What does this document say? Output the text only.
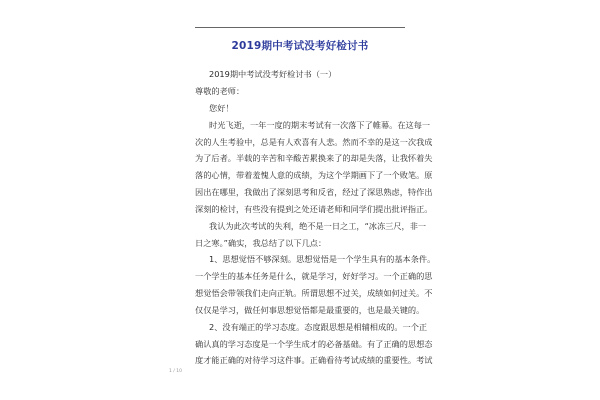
2019期中考试没考好检讨书
2019期中考试没考好检讨书（一）
尊敬的老师：
您好！
时光飞逝，一年一度的期末考试有一次落下了帷幕。在这每一
次的人生考验中，总是有人欢喜有人悲。然而不幸的是这一次我成
为了后者。半载的辛苦和辛酸苦累换来了的却是失落，让我怀着失
落的心情，带着羞愧人意的成绩，为这个学期画下了一个败笔。原
因出在哪里，我做出了深刻思考和反省，经过了深思熟虑，特作出
深刻的检讨，有些没有提到之处还请老师和同学们提出批评指正。
我认为此次考试的失利，绝不是一日之工，“冰冻三尺，非一
日之寒。”确实，我总结了以下几点：
1、思想觉悟不够深刻。思想觉悟是一个学生具有的基本条件。
一个学生的基本任务是什么，就是学习，好好学习。一个正确的思
想觉悟会带领我们走向正轨。所谓思想不过关，成绩如何过关。不
仅仅是学习，做任何事思想觉悟都是最重要的，也是最关键的。
2、没有端正的学习态度。态度跟思想是相辅相成的。一个正
确认真的学习态度是一个学生成才的必备基础。有了正确的思想态
度才能正确的对待学习这件事。正确看待考试成绩的重要性。考试
1 / 10
